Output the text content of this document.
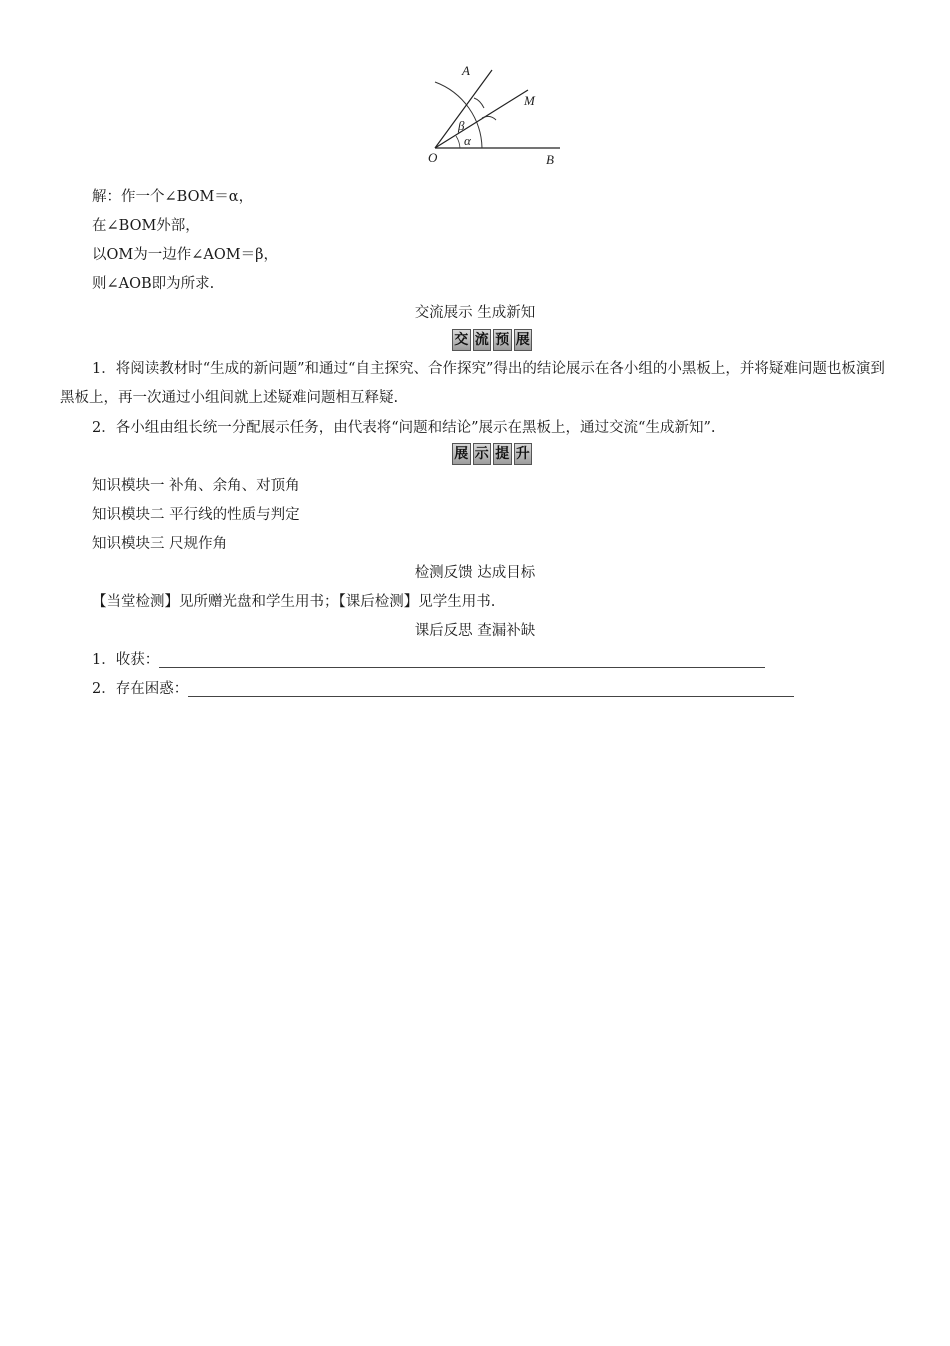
A
M
O	B
β
α
解：作一个∠BOM＝α，
在∠BOM外部，
以OM为一边作∠AOM＝β，
则∠AOB即为所求.
交流展示 生成新知
交 流 预 展
1．将阅读教材时“生成的新问题”和通过“自主探究、合作探究”得出的结论展示在各小组的小黑板上，并将疑难问题也板演到黑板上，再一次通过小组间就上述疑难问题相互释疑.
2．各小组由组长统一分配展示任务，由代表将“问题和结论”展示在黑板上，通过交流“生成新知”.
展 示 提 升
知识模块一 补角、余角、对顶角
知识模块二 平行线的性质与判定
知识模块三 尺规作角
检测反馈 达成目标
【当堂检测】见所赠光盘和学生用书；【课后检测】见学生用书.
课后反思 查漏补缺
1．收获：
2．存在困惑：
